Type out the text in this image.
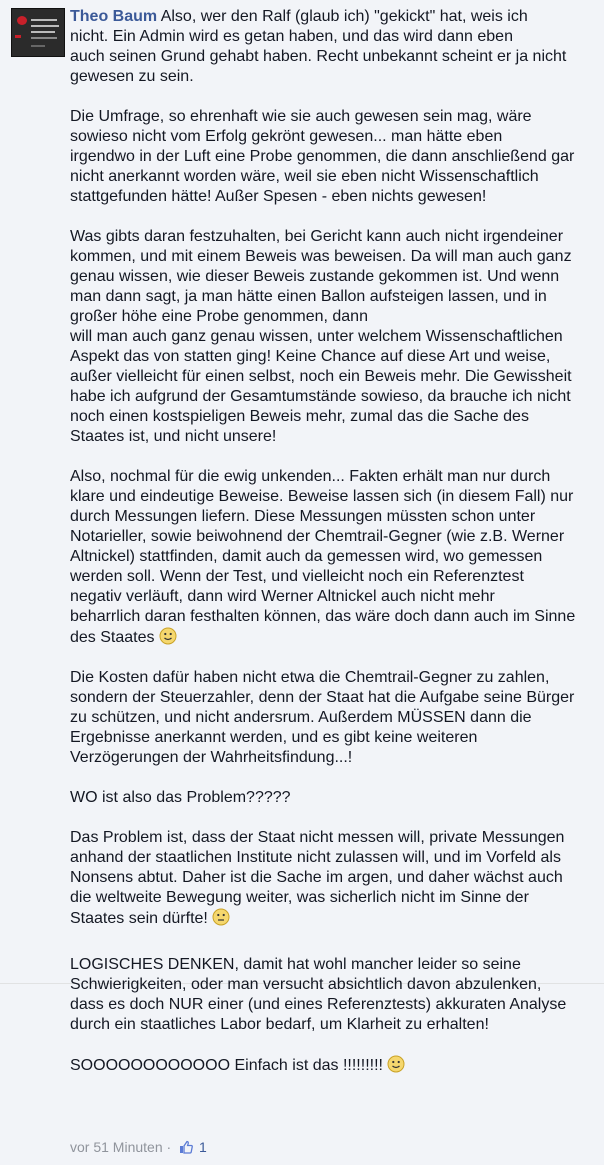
Theo Baum Also, wer den Ralf (glaub ich) "gekickt" hat, weis ich
nicht. Ein Admin wird es getan haben, und das wird dann eben
auch seinen Grund gehabt haben. Recht unbekannt scheint er ja nicht
gewesen zu sein.

Die Umfrage, so ehrenhaft wie sie auch gewesen sein mag, wäre
sowieso nicht vom Erfolg gekrönt gewesen... man hätte eben
irgendwo in der Luft eine Probe genommen, die dann anschließend gar
nicht anerkannt worden wäre, weil sie eben nicht Wissenschaftlich
stattgefunden hätte! Außer Spesen - eben nichts gewesen!

Was gibts daran festzuhalten, bei Gericht kann auch nicht irgendeiner
kommen, und mit einem Beweis was beweisen. Da will man auch ganz
genau wissen, wie dieser Beweis zustande gekommen ist. Und wenn
man dann sagt, ja man hätte einen Ballon aufsteigen lassen, und in
großer höhe eine Probe genommen, dann
will man auch ganz genau wissen, unter welchem Wissenschaftlichen
Aspekt das von statten ging! Keine Chance auf diese Art und weise,
außer vielleicht für einen selbst, noch ein Beweis mehr. Die Gewissheit
habe ich aufgrund der Gesamtumstände sowieso, da brauche ich nicht
noch einen kostspieligen Beweis mehr, zumal das die Sache des
Staates ist, und nicht unsere!

Also, nochmal für die ewig unkenden... Fakten erhält man nur durch
klare und eindeutige Beweise. Beweise lassen sich (in diesem Fall) nur
durch Messungen liefern. Diese Messungen müssten schon unter
Notarieller, sowie beiwohnend der Chemtrail-Gegner (wie z.B. Werner
Altnickel) stattfinden, damit auch da gemessen wird, wo gemessen
werden soll. Wenn der Test, und vielleicht noch ein Referenztest
negativ verläuft, dann wird Werner Altnickel auch nicht mehr
beharrlich daran festhalten können, das wäre doch dann auch im Sinne
des Staates

Die Kosten dafür haben nicht etwa die Chemtrail-Gegner zu zahlen,
sondern der Steuerzahler, denn der Staat hat die Aufgabe seine Bürger
zu schützen, und nicht andersrum. Außerdem MÜSSEN dann die
Ergebnisse anerkannt werden, und es gibt keine weiteren
Verzögerungen der Wahrheitsfindung...!

WO ist also das Problem?????

Das Problem ist, dass der Staat nicht messen will, private Messungen
anhand der staatlichen Institute nicht zulassen will, und im Vorfeld als
Nonsens abtut. Daher ist die Sache im argen, und daher wächst auch
die weltweite Bewegung weiter, was sicherlich nicht im Sinne der
Staates sein dürfte!

LOGISCHES DENKEN, damit hat wohl mancher leider so seine
Schwierigkeiten, oder man versucht absichtlich davon abzulenken,
dass es doch NUR einer (und eines Referenztests) akkuraten Analyse
durch ein staatliches Labor bedarf, um Klarheit zu erhalten!

SOOOOOOOOOOOO Einfach ist das !!!!!!!!!

vor 51 Minuten · 1
